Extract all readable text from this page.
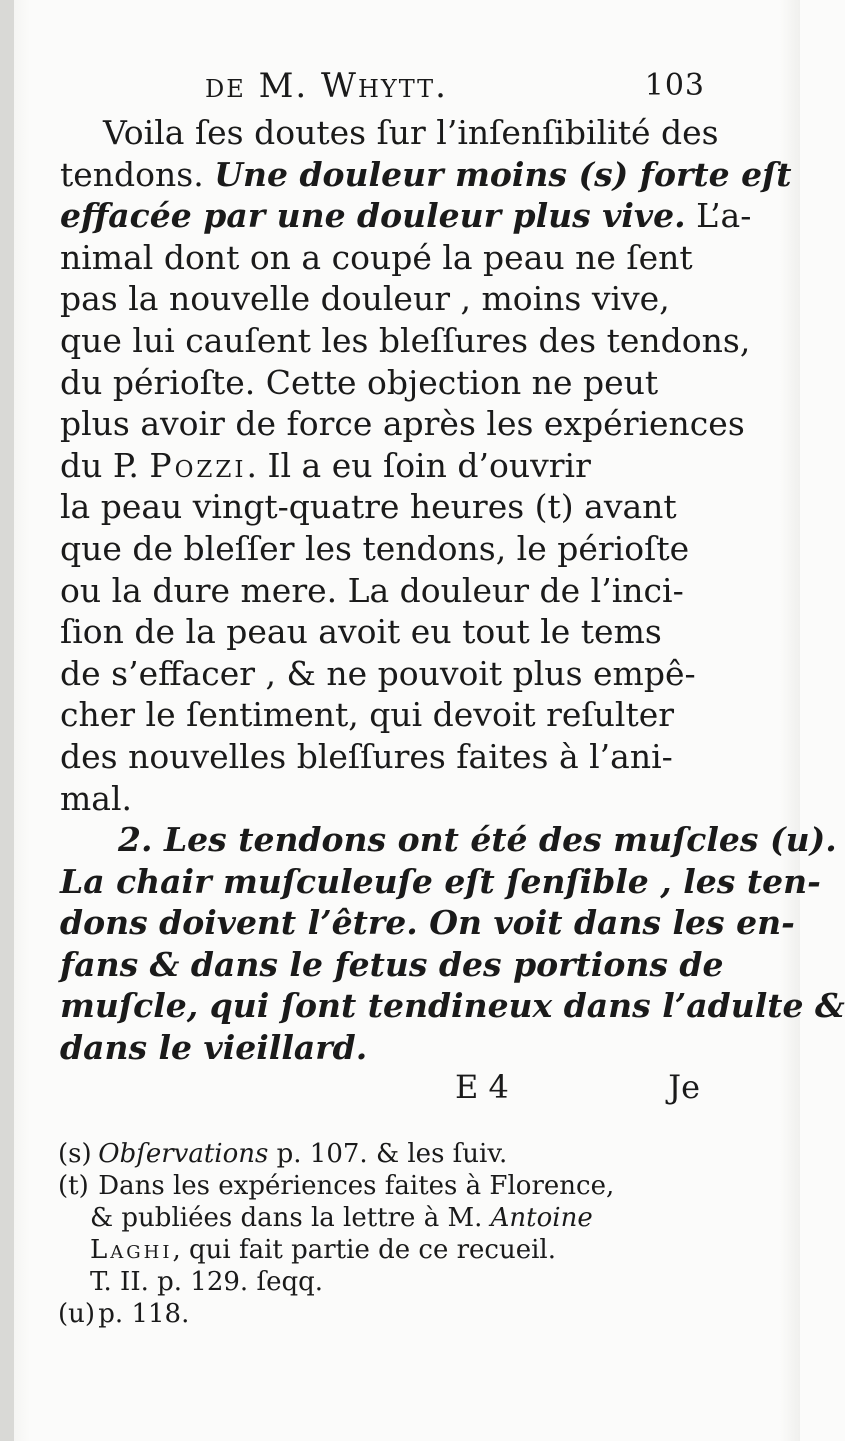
de M. Whytt.	103
Voila ſes doutes ſur l’inſenſibilité des
tendons. Une douleur moins (s) forte eſt
effacée par une douleur plus vive. L’a-
nimal dont on a coupé la peau ne ſent
pas la nouvelle douleur , moins vive,
que lui cauſent les bleſſures des tendons,
du périoſte. Cette objection ne peut
plus avoir de force après les expériences
du P. Pozzi. Il a eu ſoin d’ouvrir
la peau vingt-quatre heures (t) avant
que de bleſſer les tendons, le périoſte
ou la dure mere. La douleur de l’inci-
ſion de la peau avoit eu tout le tems
de s’effacer , & ne pouvoit plus empê-
cher le ſentiment, qui devoit reſulter
des nouvelles bleſſures faites à l’ani-
mal.
2. Les tendons ont été des muſcles (u).
La chair muſculeuſe eſt ſenſible , les ten-
dons doivent l’être. On voit dans les en-
fans & dans le fetus des portions de
muſcle, qui ſont tendineux dans l’adulte &
dans le vieillard.
E 4	Je
(s) Obſervations p. 107. & les ſuiv.
(t) Dans les expériences faites à Florence,
& publiées dans la lettre à M. Antoine
Laghi, qui fait partie de ce recueil.
T. II. p. 129. ſeqq.
(u) p. 118.
